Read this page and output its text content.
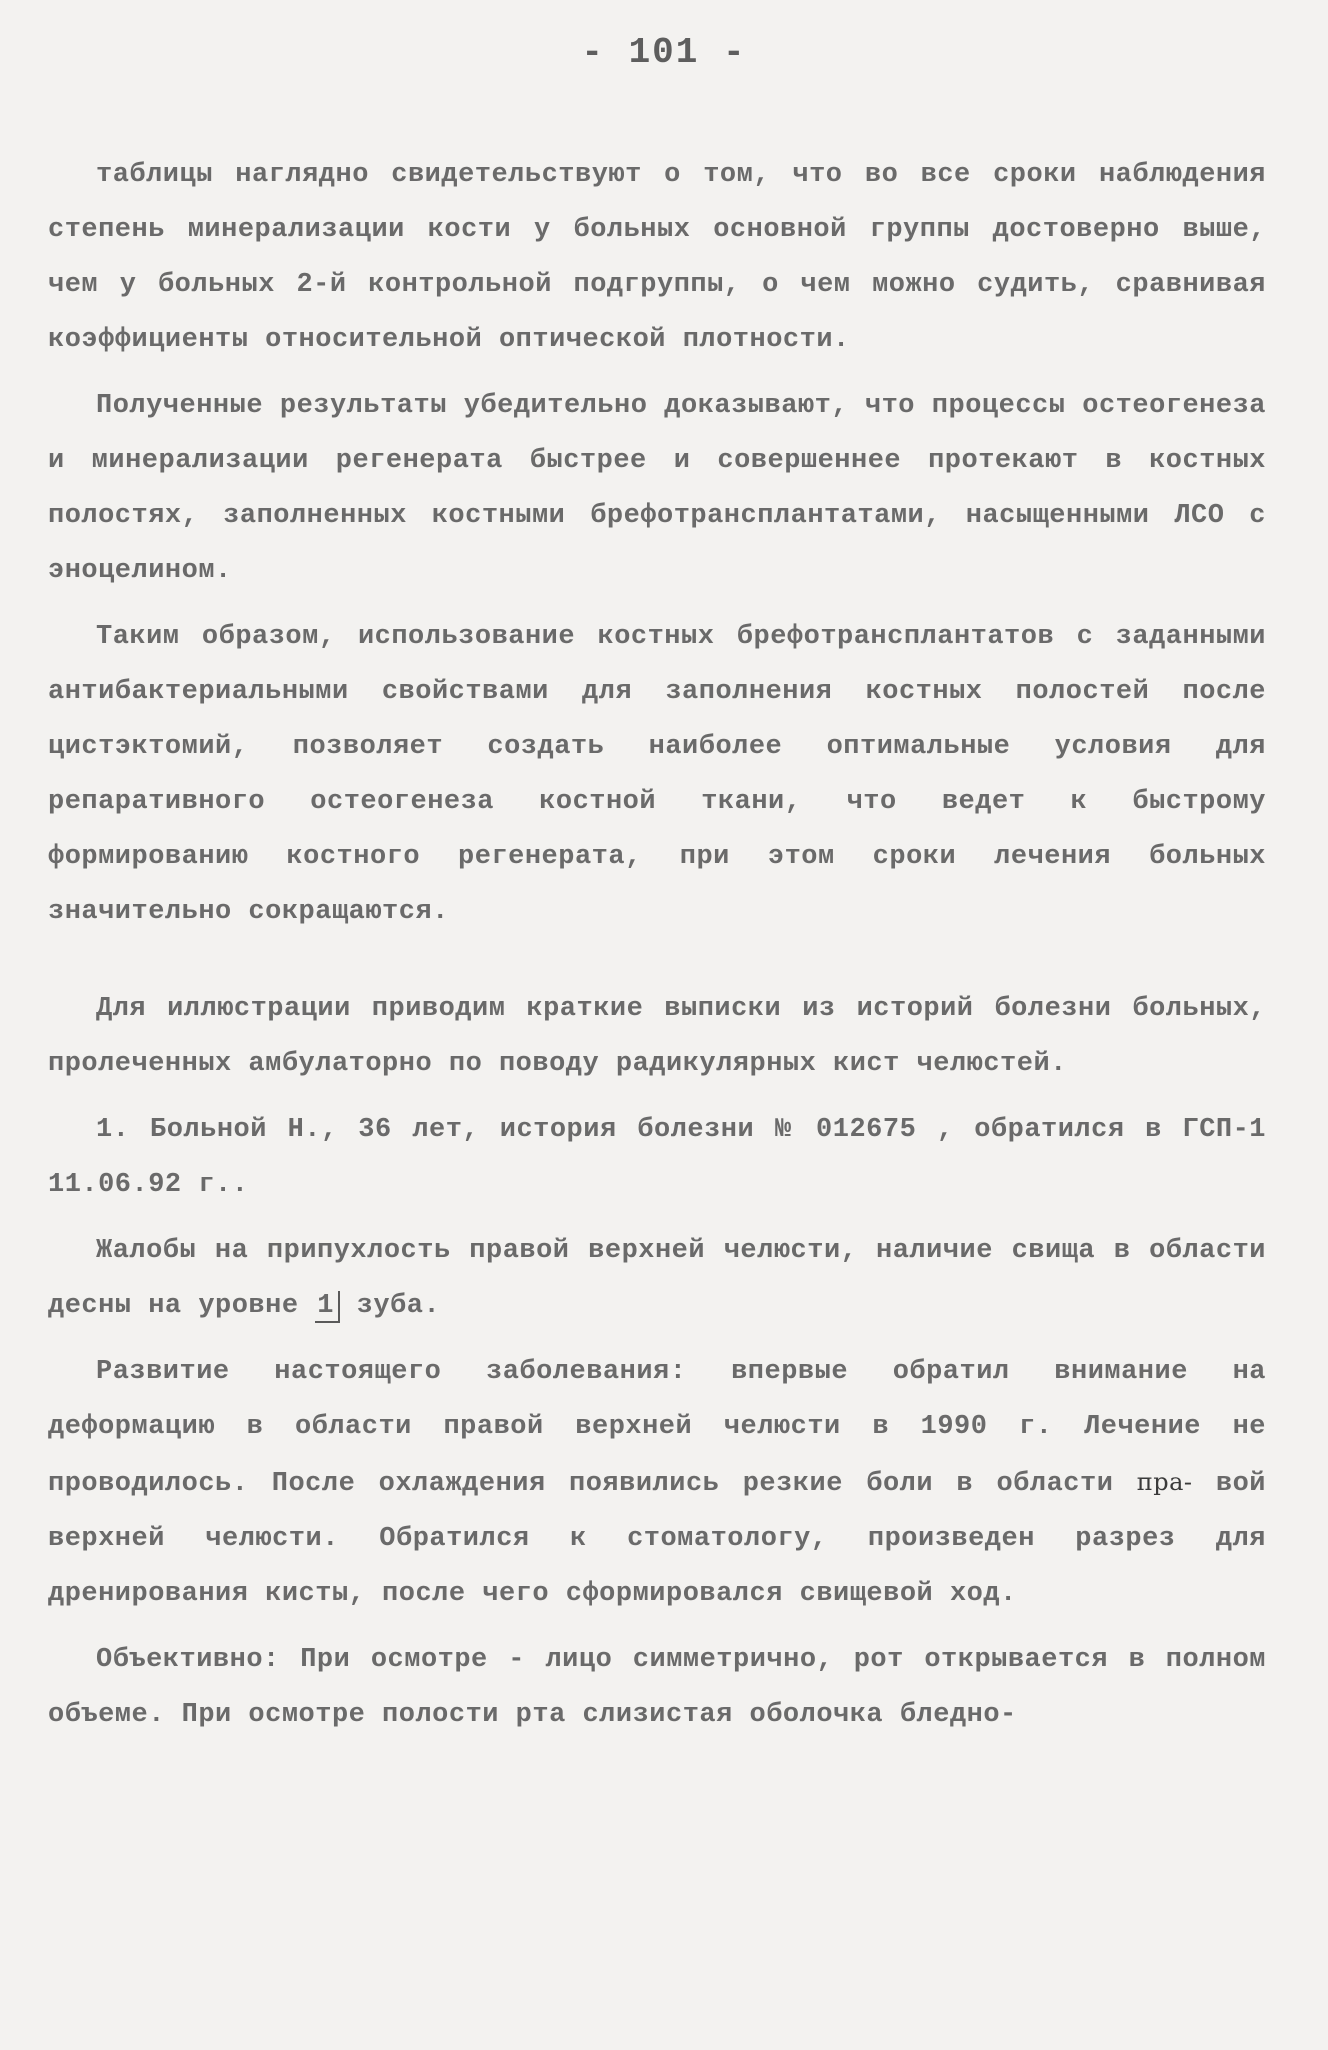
- 101 -

таблицы наглядно свидетельствуют о том, что во все сроки наблюдения степень минерализации кости у больных основной группы достоверно выше, чем у больных 2-й контрольной подгруппы, о чем можно судить, сравнивая коэффициенты относительной оптической плотности.

Полученные результаты убедительно доказывают, что процессы остеогенеза и минерализации регенерата быстрее и совершеннее протекают в костных полостях, заполненных костными брефотрансплантатами, насыщенными ЛСО с эноцелином.

Таким образом, использование костных брефотрансплантатов с заданными антибактериальными свойствами для заполнения костных полостей после цистэктомий, позволяет создать наиболее оптимальные условия для репаративного остеогенеза костной ткани, что ведет к быстрому формированию костного регенерата, при этом сроки лечения больных значительно сокращаются.

Для иллюстрации приводим краткие выписки из историй болезни больных, пролеченных амбулаторно по поводу радикулярных кист челюстей.

1. Больной Н., 36 лет, история болезни № 012675 , обратился в ГСП-1 11.06.92 г..

Жалобы на припухлость правой верхней челюсти, наличие свища в области десны на уровне 1 зуба.

Развитие настоящего заболевания: впервые обратил внимание на деформацию в области правой верхней челюсти в 1990 г. Лечение не проводилось. После охлаждения появились резкие боли в области пра- вой верхней челюсти. Обратился к стоматологу, произведен разрез для дренирования кисты, после чего сформировался свищевой ход.

Объективно: При осмотре - лицо симметрично, рот открывается в полном объеме. При осмотре полости рта слизистая оболочка бледно-
